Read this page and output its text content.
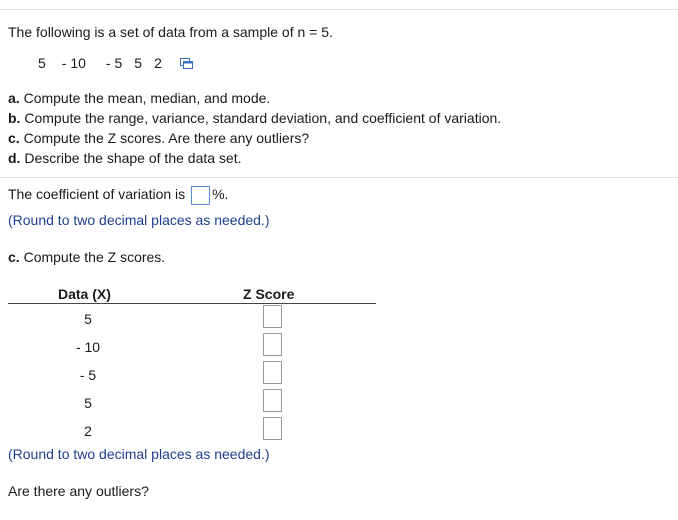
The following is a set of data from a sample of n = 5.
5 - 10 - 5 5 2
a. Compute the mean, median, and mode.
b. Compute the range, variance, standard deviation, and coefficient of variation.
c. Compute the Z scores. Are there any outliers?
d. Describe the shape of the data set.
The coefficient of variation is %.
(Round to two decimal places as needed.)
c. Compute the Z scores.
Data (X)	Z Score
5
- 10
- 5
5
2
(Round to two decimal places as needed.)
Are there any outliers?
